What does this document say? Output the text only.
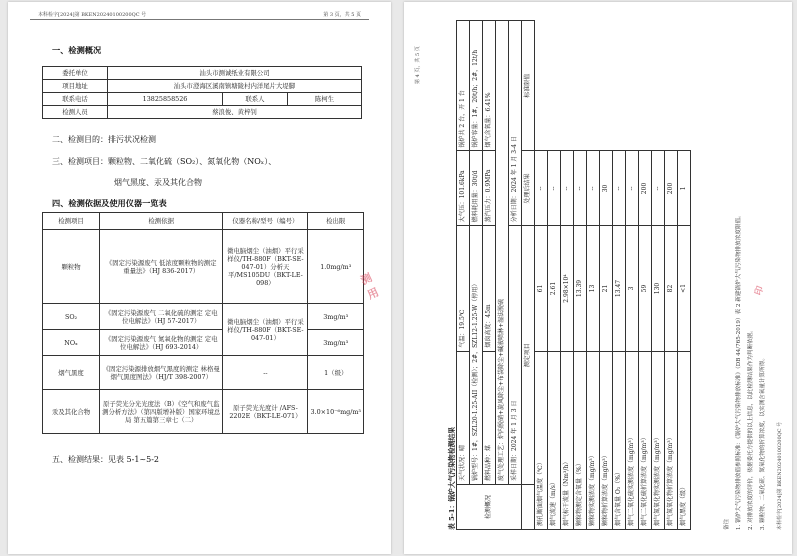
本科检字[2024]第 BKEN20240100200QC 号	第 3 页，共 5 页
一、检测概况
委托单位	汕头市测诚纸业有限公司		
项目地址	汕头市澄海区溪南镇塘陇村内洋尾片大堤脚		
联系电话	13825858526	联系人	陈柯生
检测人员	蔡浪俊、黄梓钊		
二、检测目的：排污状况检测
三、检测项目：颗粒物、二氧化硫（SO₂）、氮氧化物（NOₓ）、
烟气黑度、汞及其化合物
四、检测依据及使用仪器一览表
检测项目	检测依据	仪器名称/型号（编号）	检出限
颗粒物	《固定污染源废气 低浓度颗粒物的测定 重量法》（HJ 836-2017）	微电脑烟尘（油烟）平行采样仪/TH-880F（BKT-SE-047-01）分析天平/MS105DU（BKT-LE-098）	1.0mg/m³
SO₂	《固定污染源废气 二氧化硫的测定 定电位电解法》（HJ 57-2017）	微电脑烟尘（油烟）平行采样仪/TH-880F（BKT-SE-047-01）	3mg/m³
NOₓ	《固定污染源废气 氮氧化物的测定 定电位电解法》（HJ 693-2014）		3mg/m³
烟气黑度	《固定污染源排放烟气黑度的测定 林格曼烟气黑度图法》（HJ/T 398-2007）	--	1（级）
汞及其化合物	原子荧光分光光度法（B）《空气和废气监测分析方法》（第四版增补版）国家环境总局 第五篇第三章七（二）	原子荧光光度计 /AFS-2202E（BKT-LE-071）	3.0×10⁻⁶mg/m³
五、检测结果：见表 5-1~5-2
测
用
本科检字[2024]第 BKEN20240100200QC 号
第 4 页，共 5 页
表 5-1：锅炉大气污染物检测结果	检测概况	天气状况：晴	气温：19.5℃	大气压：101.6kPa	锅炉共 2 台，开 1 台
	锅炉型号：1#，SZL20-1.25-AII（检测）；2#，SZL12-1.25-W（停用）		燃料耗用量：30t/d	锅炉容量：1#，20t/h；2#，12t/h
	燃料品种：煤	烟囱高度：45m	蒸汽压力：0.9MPa	烟气含氧量：6.41%
	废气处理工艺：炉内脱硝+旋风除尘+布袋除尘+碱液喷淋+湿法脱硫			
	采样日期：2024 年 1 月 3 日		分析日期：2024 年 1 月 3-4 日	
	测定项目		处理后结果	标准限值
测孔断面烟气温度（℃）		61	--	
烟气流速（m/s）		2.61	--	
烟气标干流量（Nm³/h）		2.98×10⁴	--	
颗粒物测定含氧量（%）		13.39	--	
颗粒物实测浓度（mg/m³）		13	--	
颗粒物折算浓度（mg/m³）		21	30	
烟气含氧量 O₂（%）		13.47	--	
烟气二氧化硫实测浓度（mg/m³）		3	--	
烟气二氧化硫折算浓度（mg/m³）		59	200	
烟气氮氧化物实测浓度（mg/m³）		130	--	
烟气氮氧化物折算浓度（mg/m³）		82	200	
烟气黑度（级）		<1	1	
备注	1. 锅炉大气污染物排放值参照标准：《锅炉大气污染物排放标准》（DB 44/765-2019）表 2 新建锅炉大气污染物排放浓度限值。	2. 对排放浓度的评价，依据委托方提供的以上信息，以此检测结果作为判断依据。	3. 颗粒物、二氧化硫、氮氧化物的折算浓度，以实测含氧量计算所得。
印
